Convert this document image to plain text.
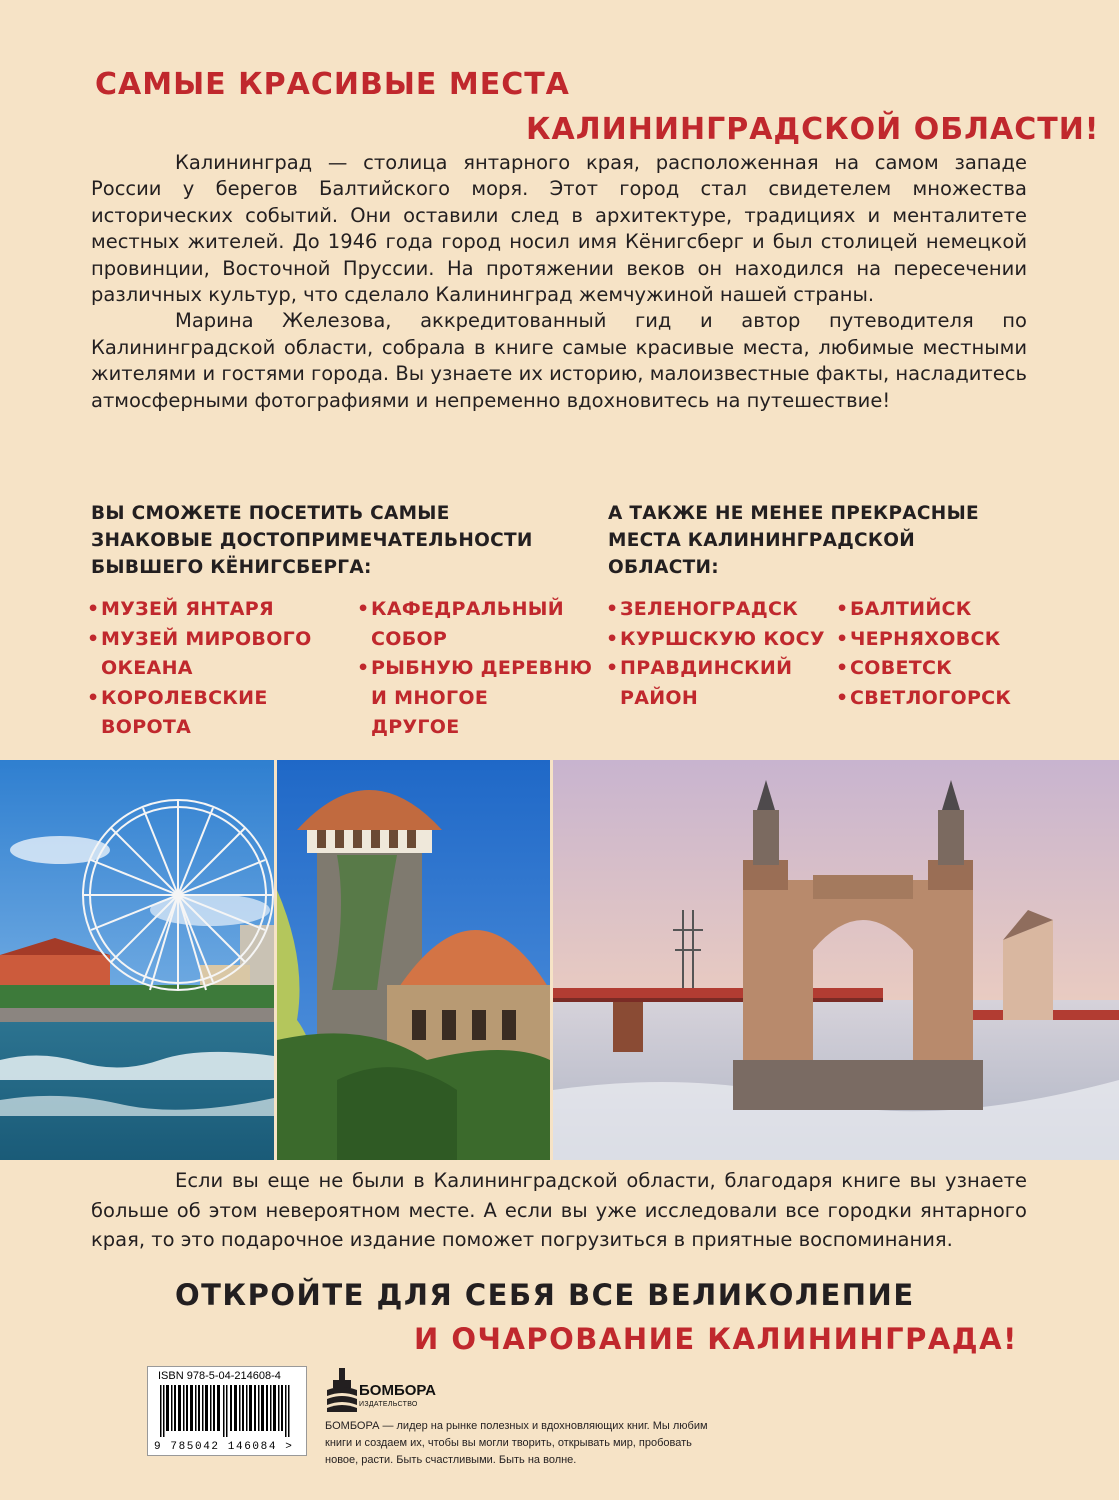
САМЫЕ КРАСИВЫЕ МЕСТА
КАЛИНИНГРАДСКОЙ ОБЛАСТИ!

Калининград — столица янтарного края, расположенная на самом западе России у берегов Балтийского моря. Этот город стал свидетелем множества исторических событий. Они оставили след в архитектуре, традициях и менталитете местных жителей. До 1946 года город носил имя Кёнигсберг и был столицей немецкой провинции, Восточной Пруссии. На протяжении веков он находился на пересечении различных культур, что сделало Калининград жемчужиной нашей страны.

Марина Железова, аккредитованный гид и автор путеводителя по Калининградской области, собрала в книге самые красивые места, любимые местными жителями и гостями города. Вы узнаете их историю, малоизвестные факты, насладитесь атмосферными фотографиями и непременно вдохновитесь на путешествие!

ВЫ СМОЖЕТЕ ПОСЕТИТЬ САМЫЕ
ЗНАКОВЫЕ ДОСТОПРИМЕЧАТЕЛЬНОСТИ
БЫВШЕГО КЁНИГСБЕРГА:
А ТАКЖЕ НЕ МЕНЕЕ ПРЕКРАСНЫЕ
МЕСТА КАЛИНИНГРАДСКОЙ
ОБЛАСТИ:
• МУЗЕЙ ЯНТАРЯ
• МУЗЕЙ МИРОВОГО
ОКЕАНА
• КОРОЛЕВСКИЕ
ВОРОТА
• КАФЕДРАЛЬНЫЙ
СОБОР
• РЫБНУЮ ДЕРЕВНЮ
И МНОГОЕ
ДРУГОЕ
• ЗЕЛЕНОГРАДСК
• КУРШСКУЮ КОСУ
• ПРАВДИНСКИЙ
РАЙОН
• БАЛТИЙСК
• ЧЕРНЯХОВСК
• СОВЕТСК
• СВЕТЛОГОРСК

Если вы еще не были в Калининградской области, благодаря книге вы узнаете больше об этом невероятном месте. А если вы уже исследовали все городки янтарного края, то это подарочное издание поможет погрузиться в приятные воспоминания.

ОТКРОЙТЕ ДЛЯ СЕБЯ ВСЕ ВЕЛИКОЛЕПИЕ
И ОЧАРОВАНИЕ КАЛИНИНГРАДА!
ISBN 978-5-04-214608-4
9 785042 146084 >
БОМБОРА
ИЗДАТЕЛЬСТВО
БОМБОРА — лидер на рынке полезных и вдохновляющих книг. Мы любим книги и создаем их, чтобы вы могли творить, открывать мир, пробовать новое, расти. Быть счастливыми. Быть на волне.
